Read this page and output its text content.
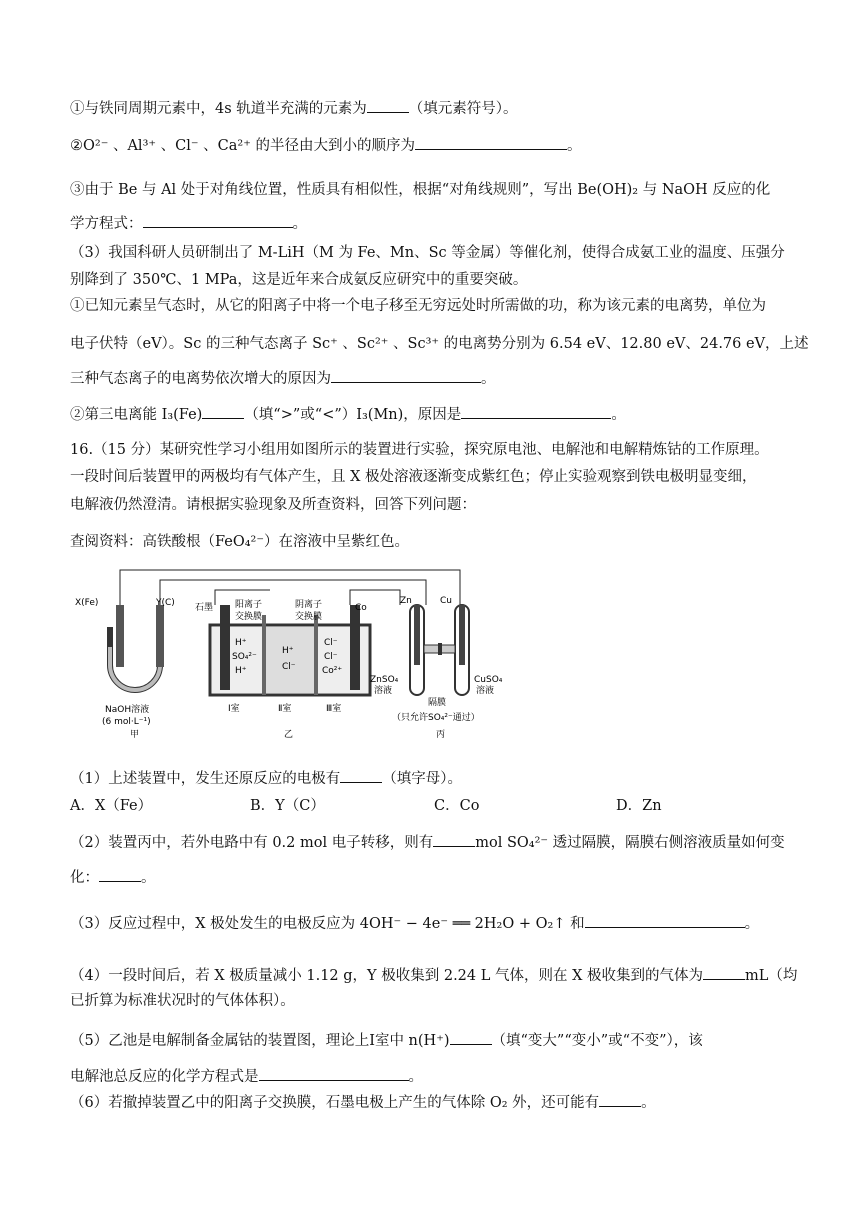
①与铁同周期元素中，4s 轨道半充满的元素为	（填元素符号）。
②O²⁻ 、Al³⁺ 、Cl⁻ 、Ca²⁺ 的半径由大到小的顺序为	。
③由于 Be 与 Al 处于对角线位置，性质具有相似性，根据“对角线规则”，写出 Be(OH)₂ 与 NaOH 反应的化
学方程式：	。
（3）我国科研人员研制出了 M-LiH（M 为 Fe、Mn、Sc 等金属）等催化剂，使得合成氨工业的温度、压强分
别降到了 350℃、1 MPa，这是近年来合成氨反应研究中的重要突破。
①已知元素呈气态时，从它的阳离子中将一个电子移至无穷远处时所需做的功，称为该元素的电离势，单位为
电子伏特（eV）。Sc 的三种气态离子 Sc⁺ 、Sc²⁺ 、Sc³⁺ 的电离势分别为 6.54 eV、12.80 eV、24.76 eV，上述
三种气态离子的电离势依次增大的原因为	。
②第三电离能 I₃(Fe)	（填“>”或“<”）I₃(Mn)，原因是	。
16.（15 分）某研究性学习小组用如图所示的装置进行实验，探究原电池、电解池和电解精炼钴的工作原理。
一段时间后装置甲的两极均有气体产生，且 X 极处溶液逐渐变成紫红色；停止实验观察到铁电极明显变细，
电解液仍然澄清。请根据实验现象及所查资料，回答下列问题：
查阅资料：高铁酸根（FeO₄²⁻）在溶液中呈紫红色。
X(Fe)	Y(C) 石墨 阳离子
交换膜
阴离子
交换膜
Co
Zn	Cu
H⁺
SO₄²⁻
H⁺
H⁺
Cl⁻
Cl⁻
Cl⁻
Co²⁺
NaOH溶液
(6 mol·L⁻¹)
甲
Ⅰ室	Ⅱ室	Ⅲ室
乙
ZnSO₄
溶液
CuSO₄
溶液
隔膜
（只允许SO₄²⁻通过）
丙
（1）上述装置中，发生还原反应的电极有	（填字母）。
A．X（Fe）	B．Y（C）	C．Co	D．Zn
（2）装置丙中，若外电路中有 0.2 mol 电子转移，则有	mol SO₄²⁻ 透过隔膜，隔膜右侧溶液质量如何变
化：	。
（3）反应过程中，X 极处发生的电极反应为 4OH⁻ − 4e⁻ ══ 2H₂O + O₂↑ 和	。
（4）一段时间后，若 X 极质量减小 1.12 g，Y 极收集到 2.24 L 气体，则在 X 极收集到的气体为	mL（均
已折算为标准状况时的气体体积）。
（5）乙池是电解制备金属钴的装置图，理论上Ⅰ室中 n(H⁺)	（填“变大”“变小”或“不变”），该
电解池总反应的化学方程式是	。
（6）若撤掉装置乙中的阳离子交换膜，石墨电极上产生的气体除 O₂ 外，还可能有	。
